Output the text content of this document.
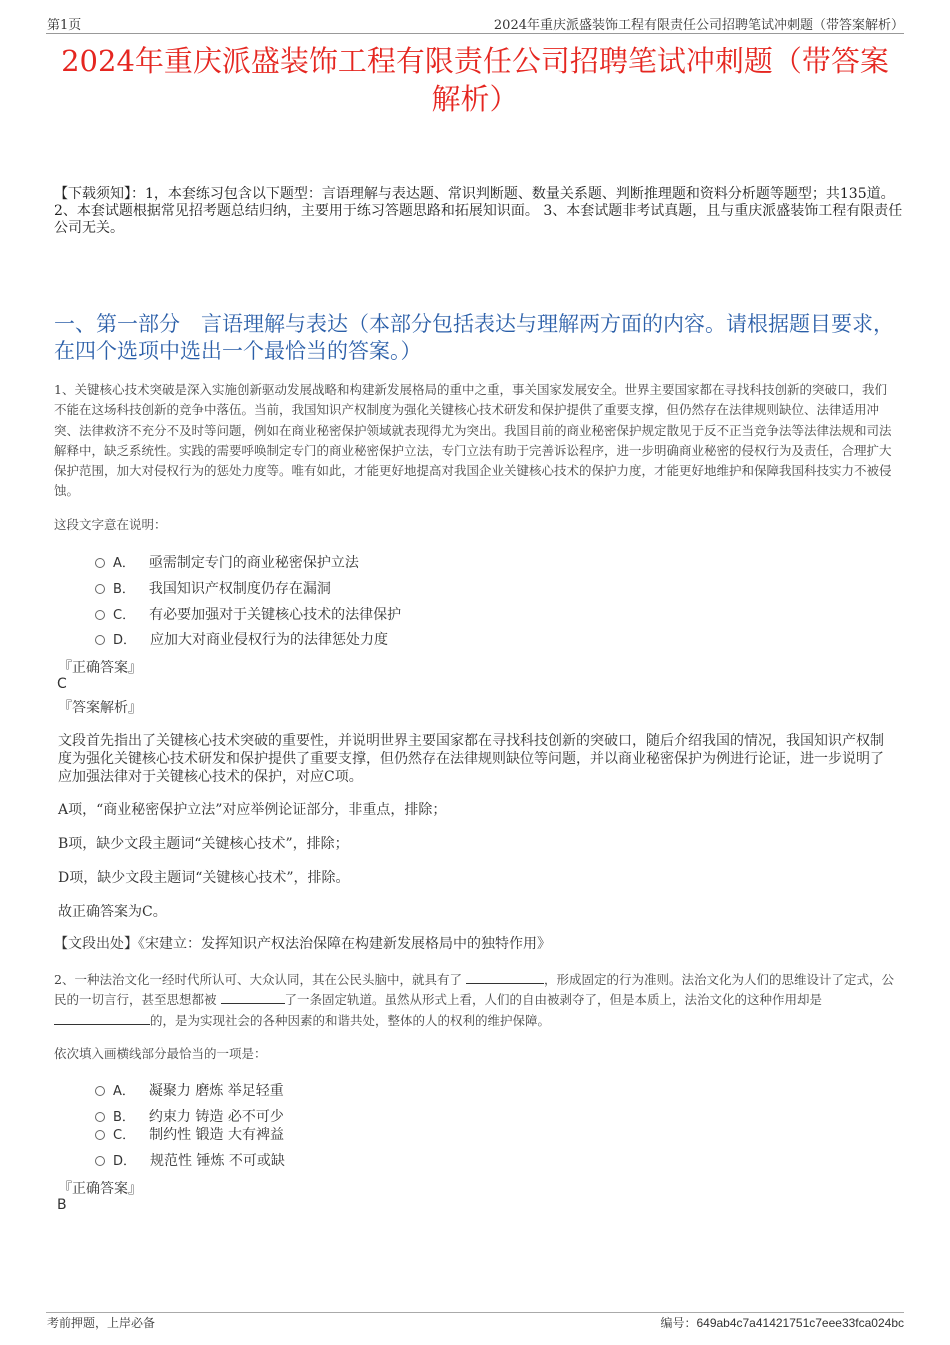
第1页	2024年重庆派盛装饰工程有限责任公司招聘笔试冲刺题（带答案解析）
2024年重庆派盛装饰工程有限责任公司招聘笔试冲刺题（带答案解析）
【下载须知】：1，本套练习包含以下题型：言语理解与表达题、常识判断题、数量关系题、判断推理题和资料分析题等题型；共135道。 2、本套试题根据常见招考题总结归纳，主要用于练习答题思路和拓展知识面。 3、本套试题非考试真题，且与重庆派盛装饰工程有限责任公司无关。
一、第一部分　言语理解与表达（本部分包括表达与理解两方面的内容。请根据题目要求，在四个选项中选出一个最恰当的答案。）
1、关键核心技术突破是深入实施创新驱动发展战略和构建新发展格局的重中之重，事关国家发展安全。世界主要国家都在寻找科技创新的突破口，我们不能在这场科技创新的竞争中落伍。当前，我国知识产权制度为强化关键核心技术研发和保护提供了重要支撑，但仍然存在法律规则缺位、法律适用冲突、法律救济不充分不及时等问题，例如在商业秘密保护领域就表现得尤为突出。我国目前的商业秘密保护规定散见于反不正当竞争法等法律法规和司法解释中，缺乏系统性。实践的需要呼唤制定专门的商业秘密保护立法，专门立法有助于完善诉讼程序，进一步明确商业秘密的侵权行为及责任，合理扩大保护范围，加大对侵权行为的惩处力度等。唯有如此，才能更好地提高对我国企业关键核心技术的保护力度，才能更好地维护和保障我国科技实力不被侵蚀。
这段文字意在说明：
A． 亟需制定专门的商业秘密保护立法
B． 我国知识产权制度仍存在漏洞
C． 有必要加强对于关键核心技术的法律保护
D． 应加大对商业侵权行为的法律惩处力度
『正确答案』
C
『答案解析』
文段首先指出了关键核心技术突破的重要性，并说明世界主要国家都在寻找科技创新的突破口，随后介绍我国的情况，我国知识产权制度为强化关键核心技术研发和保护提供了重要支撑，但仍然存在法律规则缺位等问题，并以商业秘密保护为例进行论证，进一步说明了应加强法律对于关键核心技术的保护，对应C项。
A项，“商业秘密保护立法”对应举例论证部分，非重点，排除；
B项，缺少文段主题词“关键核心技术”，排除；
D项，缺少文段主题词“关键核心技术”，排除。
故正确答案为C。
【文段出处】《宋建立：发挥知识产权法治保障在构建新发展格局中的独特作用》
2、一种法治文化一经时代所认可、大众认同，其在公民头脑中，就具有了	，形成固定的行为准则。法治文化为人们的思维设计了定式，公民的一切言行，甚至思想都被	了一条固定轨道。虽然从形式上看，人们的自由被剥夺了，但是本质上，法治文化的这种作用却是 的，是为实现社会的各种因素的和谐共处，整体的人的权利的维护保障。
依次填入画横线部分最恰当的一项是：
A． 凝聚力 磨炼 举足轻重
B． 约束力 铸造 必不可少
C． 制约性 锻造 大有裨益
D． 规范性 锤炼 不可或缺
『正确答案』
B
考前押题，上岸必备	编号：649ab4c7a41421751c7eee33fca024bc
